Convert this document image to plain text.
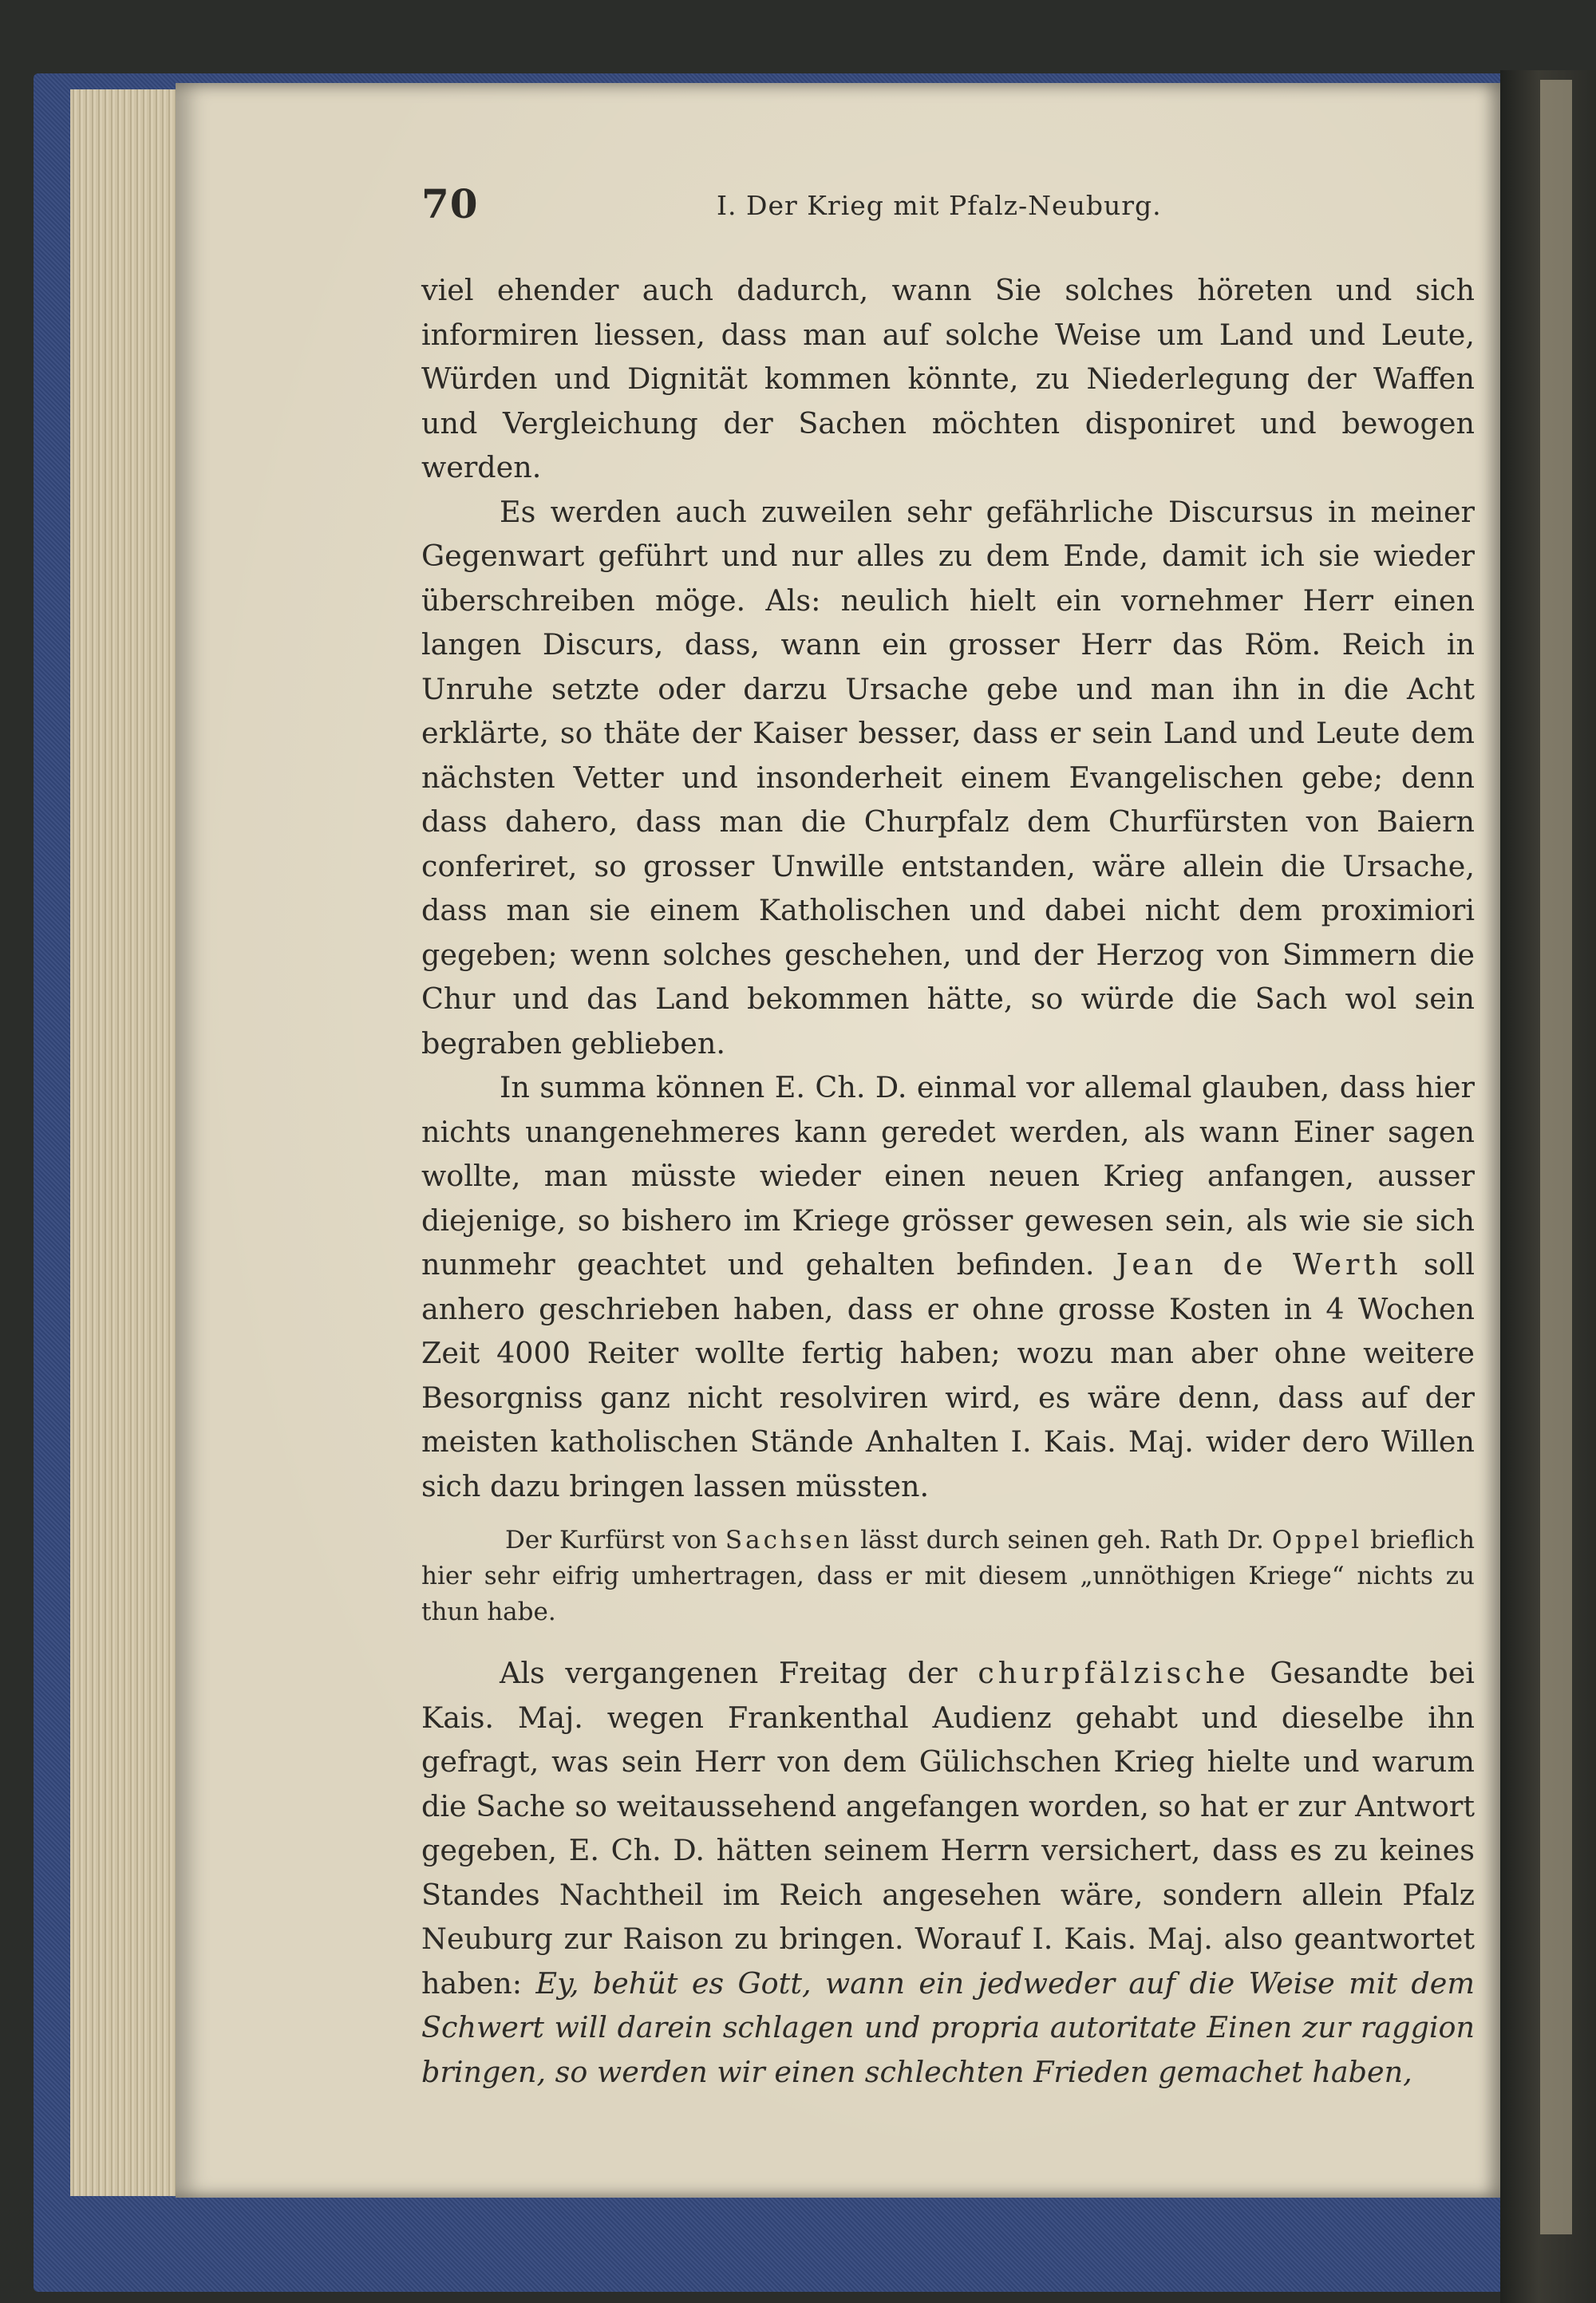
70	I. Der Krieg mit Pfalz-Neuburg.

viel ehender auch dadurch, wann Sie solches höreten und sich informiren liessen, dass man auf solche Weise um Land und Leute, Würden und Dignität kommen könnte, zu Niederlegung der Waffen und Vergleichung der Sachen möchten disponiret und bewogen werden.

Es werden auch zuweilen sehr gefährliche Discursus in meiner Gegenwart geführt und nur alles zu dem Ende, damit ich sie wieder überschreiben möge. Als: neulich hielt ein vornehmer Herr einen langen Discurs, dass, wann ein grosser Herr das Röm. Reich in Unruhe setzte oder darzu Ursache gebe und man ihn in die Acht erklärte, so thäte der Kaiser besser, dass er sein Land und Leute dem nächsten Vetter und insonderheit einem Evangelischen gebe; denn dass dahero, dass man die Churpfalz dem Churfürsten von Baiern conferiret, so grosser Unwille entstanden, wäre allein die Ursache, dass man sie einem Katholischen und dabei nicht dem proximiori gegeben; wenn solches geschehen, und der Herzog von Simmern die Chur und das Land bekommen hätte, so würde die Sach wol sein begraben geblieben.

In summa können E. Ch. D. einmal vor allemal glauben, dass hier nichts unangenehmeres kann geredet werden, als wann Einer sagen wollte, man müsste wieder einen neuen Krieg anfangen, ausser diejenige, so bishero im Kriege grösser gewesen sein, als wie sie sich nunmehr geachtet und gehalten befinden. Jean de Werth soll anhero geschrieben haben, dass er ohne grosse Kosten in 4 Wochen Zeit 4000 Reiter wollte fertig haben; wozu man aber ohne weitere Besorgniss ganz nicht resolviren wird, es wäre denn, dass auf der meisten katholischen Stände Anhalten I. Kais. Maj. wider dero Willen sich dazu bringen lassen müssten.

Der Kurfürst von Sachsen lässt durch seinen geh. Rath Dr. Oppel brieflich hier sehr eifrig umhertragen, dass er mit diesem „unnöthigen Kriege“ nichts zu thun habe.

Als vergangenen Freitag der churpfälzische Gesandte bei Kais. Maj. wegen Frankenthal Audienz gehabt und dieselbe ihn gefragt, was sein Herr von dem Gülichschen Krieg hielte und warum die Sache so weitaussehend angefangen worden, so hat er zur Antwort gegeben, E. Ch. D. hätten seinem Herrn versichert, dass es zu keines Standes Nachtheil im Reich angesehen wäre, sondern allein Pfalz Neuburg zur Raison zu bringen. Worauf I. Kais. Maj. also geantwortet haben: Ey, behüt es Gott, wann ein jedweder auf die Weise mit dem Schwert will darein schlagen und propria autoritate Einen zur raggion bringen, so werden wir einen schlechten Frieden gemachet haben,
